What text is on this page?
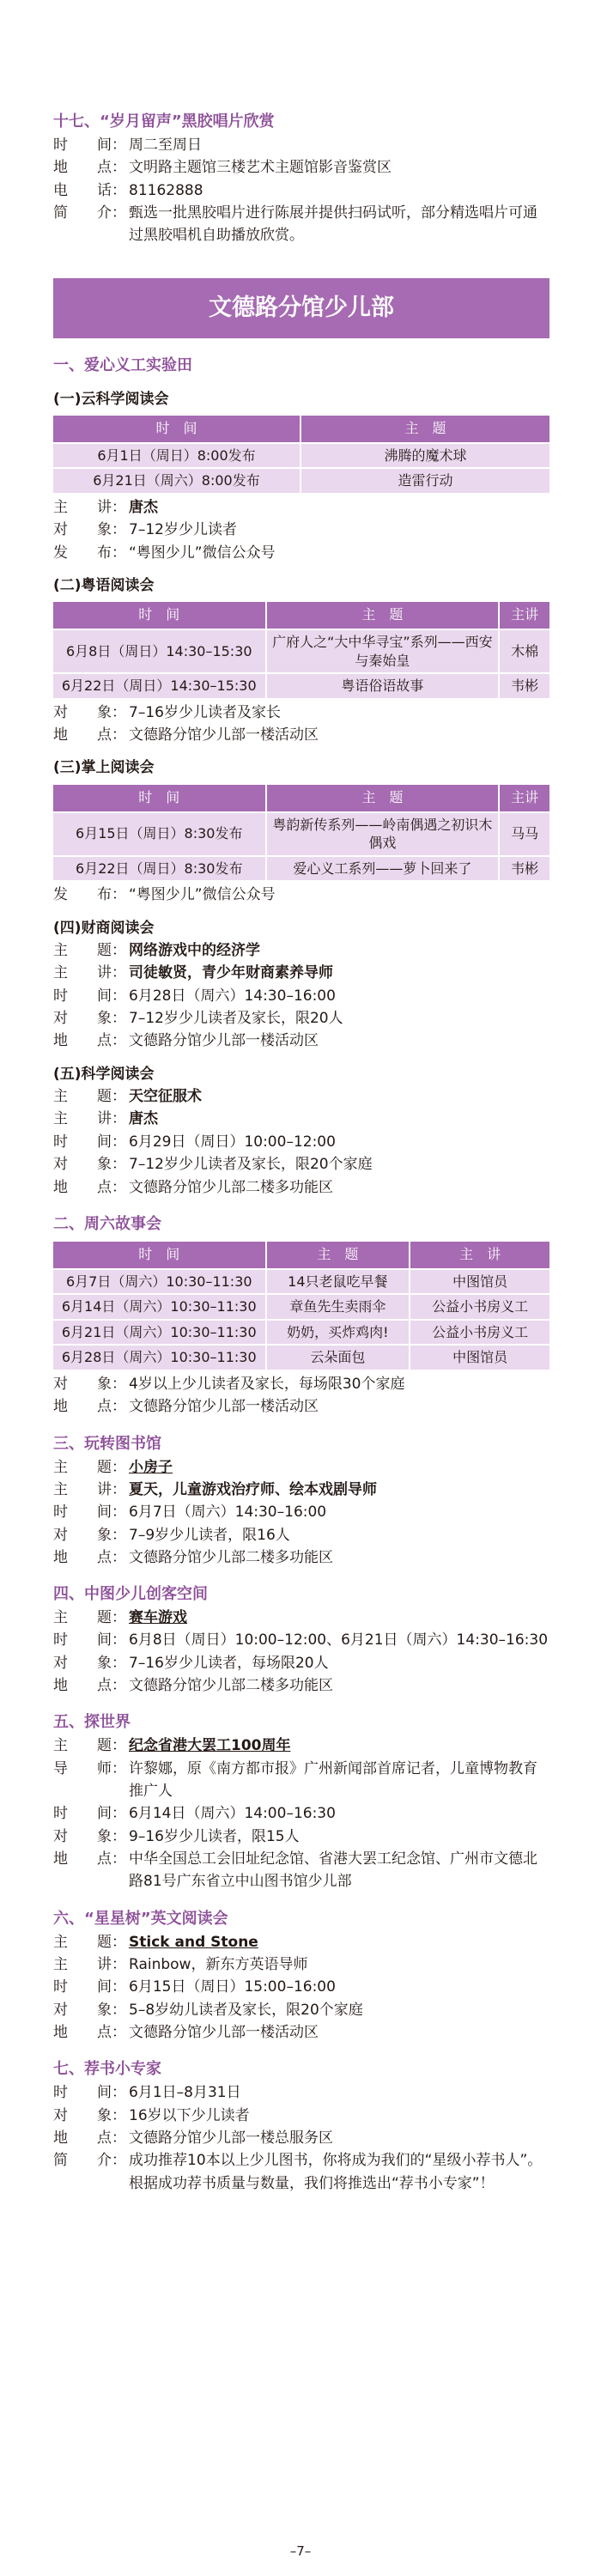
十七、“岁月留声”黑胶唱片欣赏
时　　间： 周二至周日
地　　点： 文明路主题馆三楼艺术主题馆影音鉴赏区
电　　话： 81162888
简　　介： 甄选一批黑胶唱片进行陈展并提供扫码试听，部分精选唱片可通过黑胶唱机自助播放欣赏。
文德路分馆少儿部
一、爱心义工实验田
(一)云科学阅读会
时　间	主　题
6月1日（周日）8:00发布	沸腾的魔术球
6月21日（周六）8:00发布	造雷行动
主　　讲： 唐杰
对　　象： 7–12岁少儿读者
发　　布： “粤图少儿”微信公众号
(二)粤语阅读会
时　间	主　题	主讲
6月8日（周日）14:30–15:30	广府人之“大中华寻宝”系列——西安与秦始皇	木棉
6月22日（周日）14:30–15:30	粤语俗语故事	韦彬
对　　象： 7–16岁少儿读者及家长
地　　点： 文德路分馆少儿部一楼活动区
(三)掌上阅读会
时　间	主　题	主讲
6月15日（周日）8:30发布	粤韵新传系列——岭南偶遇之初识木偶戏	马马
6月22日（周日）8:30发布	爱心义工系列——萝卜回来了	韦彬
发　　布： “粤图少儿”微信公众号
(四)财商阅读会
主　　题： 网络游戏中的经济学
主　　讲： 司徒敏贤，青少年财商素养导师
时　　间： 6月28日（周六）14:30–16:00
对　　象： 7–12岁少儿读者及家长，限20人
地　　点： 文德路分馆少儿部一楼活动区
(五)科学阅读会
主　　题： 天空征服术
主　　讲： 唐杰
时　　间： 6月29日（周日）10:00–12:00
对　　象： 7–12岁少儿读者及家长，限20个家庭
地　　点： 文德路分馆少儿部二楼多功能区
二、周六故事会
时　间	主　题	主　讲
6月7日（周六）10:30–11:30	14只老鼠吃早餐	中图馆员
6月14日（周六）10:30–11:30	章鱼先生卖雨伞	公益小书房义工
6月21日（周六）10:30–11:30	奶奶，买炸鸡肉!	公益小书房义工
6月28日（周六）10:30–11:30	云朵面包	中图馆员
对　　象： 4岁以上少儿读者及家长，每场限30个家庭
地　　点： 文德路分馆少儿部一楼活动区
三、玩转图书馆
主　　题： 小房子
主　　讲： 夏天，儿童游戏治疗师、绘本戏剧导师
时　　间： 6月7日（周六）14:30–16:00
对　　象： 7–9岁少儿读者，限16人
地　　点： 文德路分馆少儿部二楼多功能区
四、中图少儿创客空间
主　　题： 赛车游戏
时　　间： 6月8日（周日）10:00–12:00、6月21日（周六）14:30–16:30
对　　象： 7–16岁少儿读者，每场限20人
地　　点： 文德路分馆少儿部二楼多功能区
五、探世界
主　　题： 纪念省港大罢工100周年
导　　师： 许黎娜，原《南方都市报》广州新闻部首席记者，儿童博物教育推广人
时　　间： 6月14日（周六）14:00–16:30
对　　象： 9–16岁少儿读者，限15人
地　　点： 中华全国总工会旧址纪念馆、省港大罢工纪念馆、广州市文德北路81号广东省立中山图书馆少儿部
六、“星星树”英文阅读会
主　　题： Stick and Stone
主　　讲： Rainbow，新东方英语导师
时　　间： 6月15日（周日）15:00–16:00
对　　象： 5–8岁幼儿读者及家长，限20个家庭
地　　点： 文德路分馆少儿部一楼活动区
七、荐书小专家
时　　间： 6月1日–8月31日
对　　象： 16岁以下少儿读者
地　　点： 文德路分馆少儿部一楼总服务区
简　　介： 成功推荐10本以上少儿图书，你将成为我们的“星级小荐书人”。根据成功荐书质量与数量，我们将推选出“荐书小专家”！
–7–
